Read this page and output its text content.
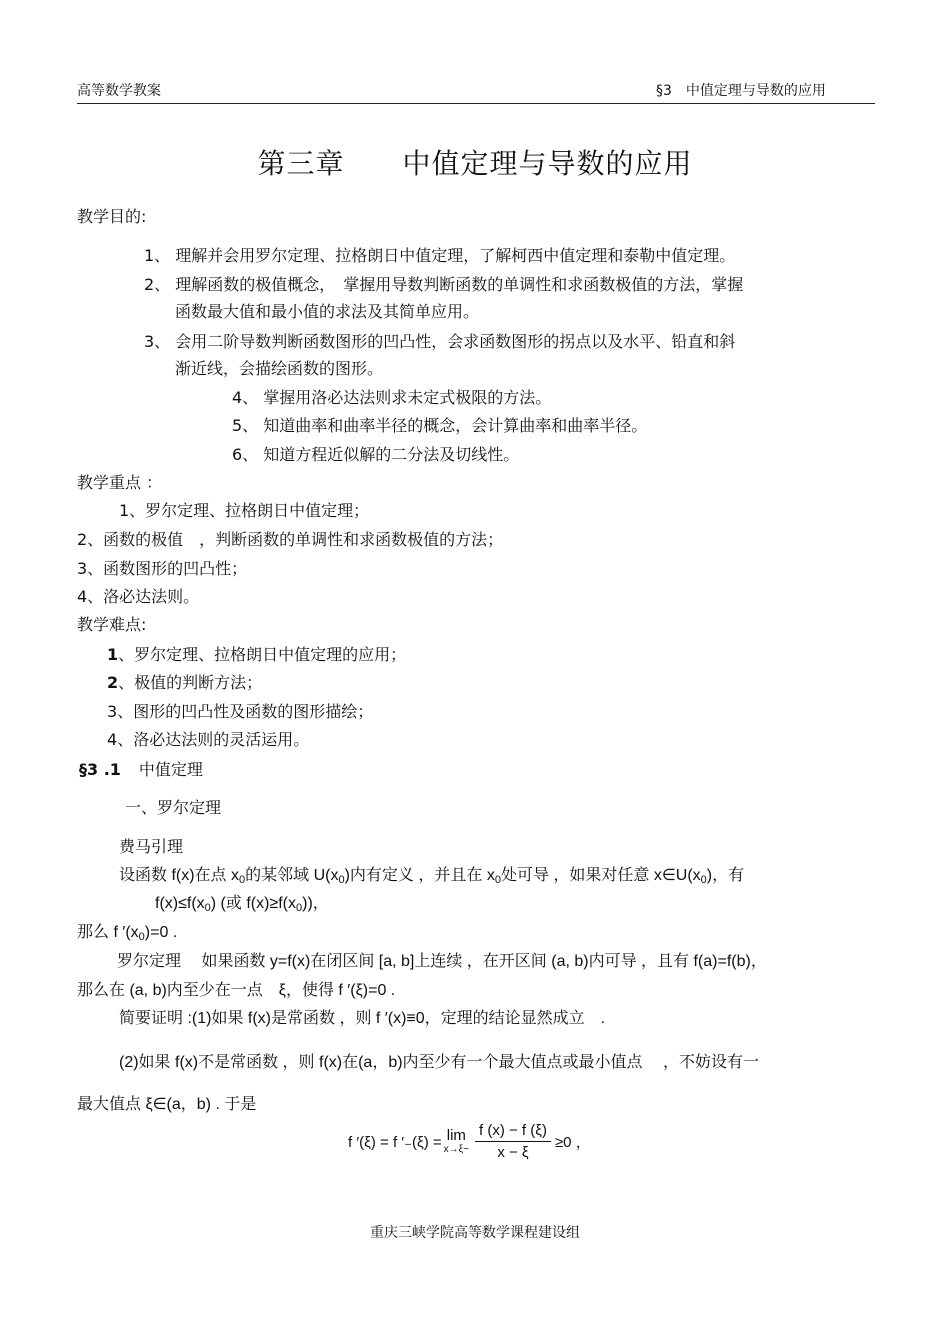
高等数学教案	§3　中值定理与导数的应用
第三章　　中值定理与导数的应用
教学目的:
1、 理解并会用罗尔定理、拉格朗日中值定理，了解柯西中值定理和泰勒中值定理。
2、 理解函数的极值概念，　掌握用导数判断函数的单调性和求函数极值的方法，掌握
函数最大值和最小值的求法及其简单应用。
3、 会用二阶导数判断函数图形的凹凸性，会求函数图形的拐点以及水平、铅直和斜
渐近线，会描绘函数的图形。
4、 掌握用洛必达法则求未定式极限的方法。
5、 知道曲率和曲率半径的概念，会计算曲率和曲率半径。
6、 知道方程近似解的二分法及切线性。
教学重点 ：
1、罗尔定理、拉格朗日中值定理；
2、函数的极值　，判断函数的单调性和求函数极值的方法；
3、函数图形的凹凸性；
4、洛必达法则。
教学难点:
1、罗尔定理、拉格朗日中值定理的应用；
2、极值的判断方法；
3、图形的凹凸性及函数的图形描绘；
4、洛必达法则的灵活运用。
§3 .1 中值定理
一、罗尔定理
费马引理
设函数 f(x)在点 $x_0$的某邻域 $U(x_0)$内有定义 ，并且在 $x_0$处可导 ，如果对任意 $x\in U(x_0)$，有
$f(x)\le f(x_0)$ (或 $f(x)\ge f(x_0)$)，
那么 f $'(x_0)=0$ .
罗尔定理　 如果函数 y=f(x)在闭区间 [a, b]上连续 ，在开区间 (a, b)内可导 ，且有 f(a)=f(b)，
那么在 (a, b)内至少在一点　ξ，使得 f ′(ξ)=0 .
简要证明 :(1)如果 f(x)是常函数 ，则 f ′(x)≡0，定理的结论显然成立　.
(2)如果 f(x)不是常函数 ，则 f(x)在(a，b)内至少有一个最大值点或最小值点　 ，不妨设有一
最大值点 ξ∈(a，b) . 于是
f ′(ξ) = f ′₋(ξ) = lim
$x\to\xi- \frac{f (x) - f (\xi)}{x - \xi} \ge 0$ ，
重庆三峡学院高等数学课程建设组
